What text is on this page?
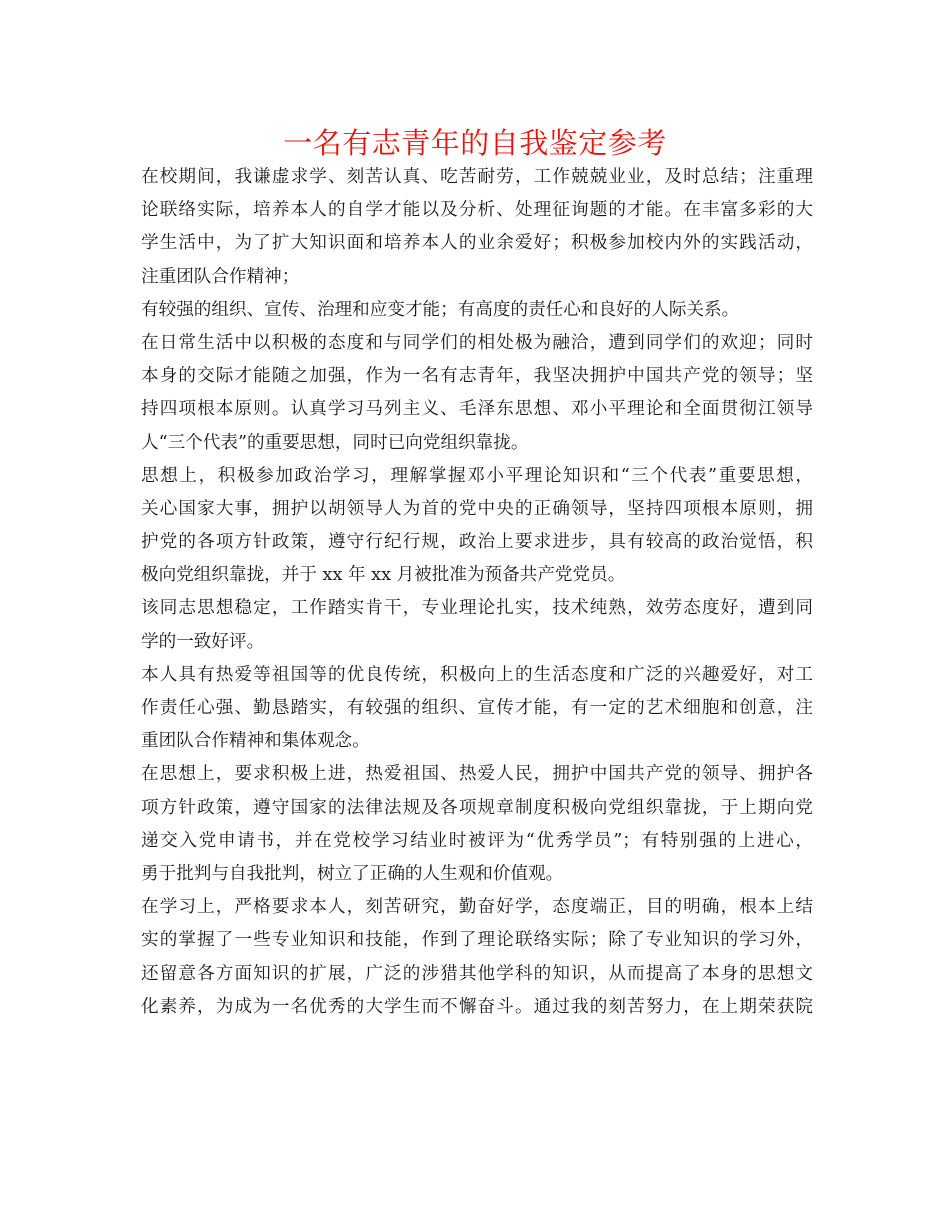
一名有志青年的自我鉴定参考
在校期间，我谦虚求学、刻苦认真、吃苦耐劳，工作兢兢业业，及时总结；注重理
论联络实际，培养本人的自学才能以及分析、处理征询题的才能。在丰富多彩的大
学生活中，为了扩大知识面和培养本人的业余爱好；积极参加校内外的实践活动，
注重团队合作精神；
有较强的组织、宣传、治理和应变才能；有高度的责任心和良好的人际关系。
在日常生活中以积极的态度和与同学们的相处极为融洽，遭到同学们的欢迎；同时
本身的交际才能随之加强，作为一名有志青年，我坚决拥护中国共产党的领导；坚
持四项根本原则。认真学习马列主义、毛泽东思想、邓小平理论和全面贯彻江领导
人“三个代表”的重要思想，同时已向党组织靠拢。
思想上，积极参加政治学习，理解掌握邓小平理论知识和“三个代表”重要思想，
关心国家大事，拥护以胡领导人为首的党中央的正确领导，坚持四项根本原则，拥
护党的各项方针政策，遵守行纪行规，政治上要求进步，具有较高的政治觉悟，积
极向党组织靠拢，并于 xx 年 xx 月被批准为预备共产党党员。
该同志思想稳定，工作踏实肯干，专业理论扎实，技术纯熟，效劳态度好，遭到同
学的一致好评。
本人具有热爱等祖国等的优良传统，积极向上的生活态度和广泛的兴趣爱好，对工
作责任心强、勤恳踏实，有较强的组织、宣传才能，有一定的艺术细胞和创意，注
重团队合作精神和集体观念。
在思想上，要求积极上进，热爱祖国、热爱人民，拥护中国共产党的领导、拥护各
项方针政策，遵守国家的法律法规及各项规章制度积极向党组织靠拢，于上期向党
递交入党申请书，并在党校学习结业时被评为“优秀学员”；有特别强的上进心，
勇于批判与自我批判，树立了正确的人生观和价值观。
在学习上，严格要求本人，刻苦研究，勤奋好学，态度端正，目的明确，根本上结
实的掌握了一些专业知识和技能，作到了理论联络实际；除了专业知识的学习外，
还留意各方面知识的扩展，广泛的涉猎其他学科的知识，从而提高了本身的思想文
化素养，为成为一名优秀的大学生而不懈奋斗。通过我的刻苦努力，在上期荣获院
